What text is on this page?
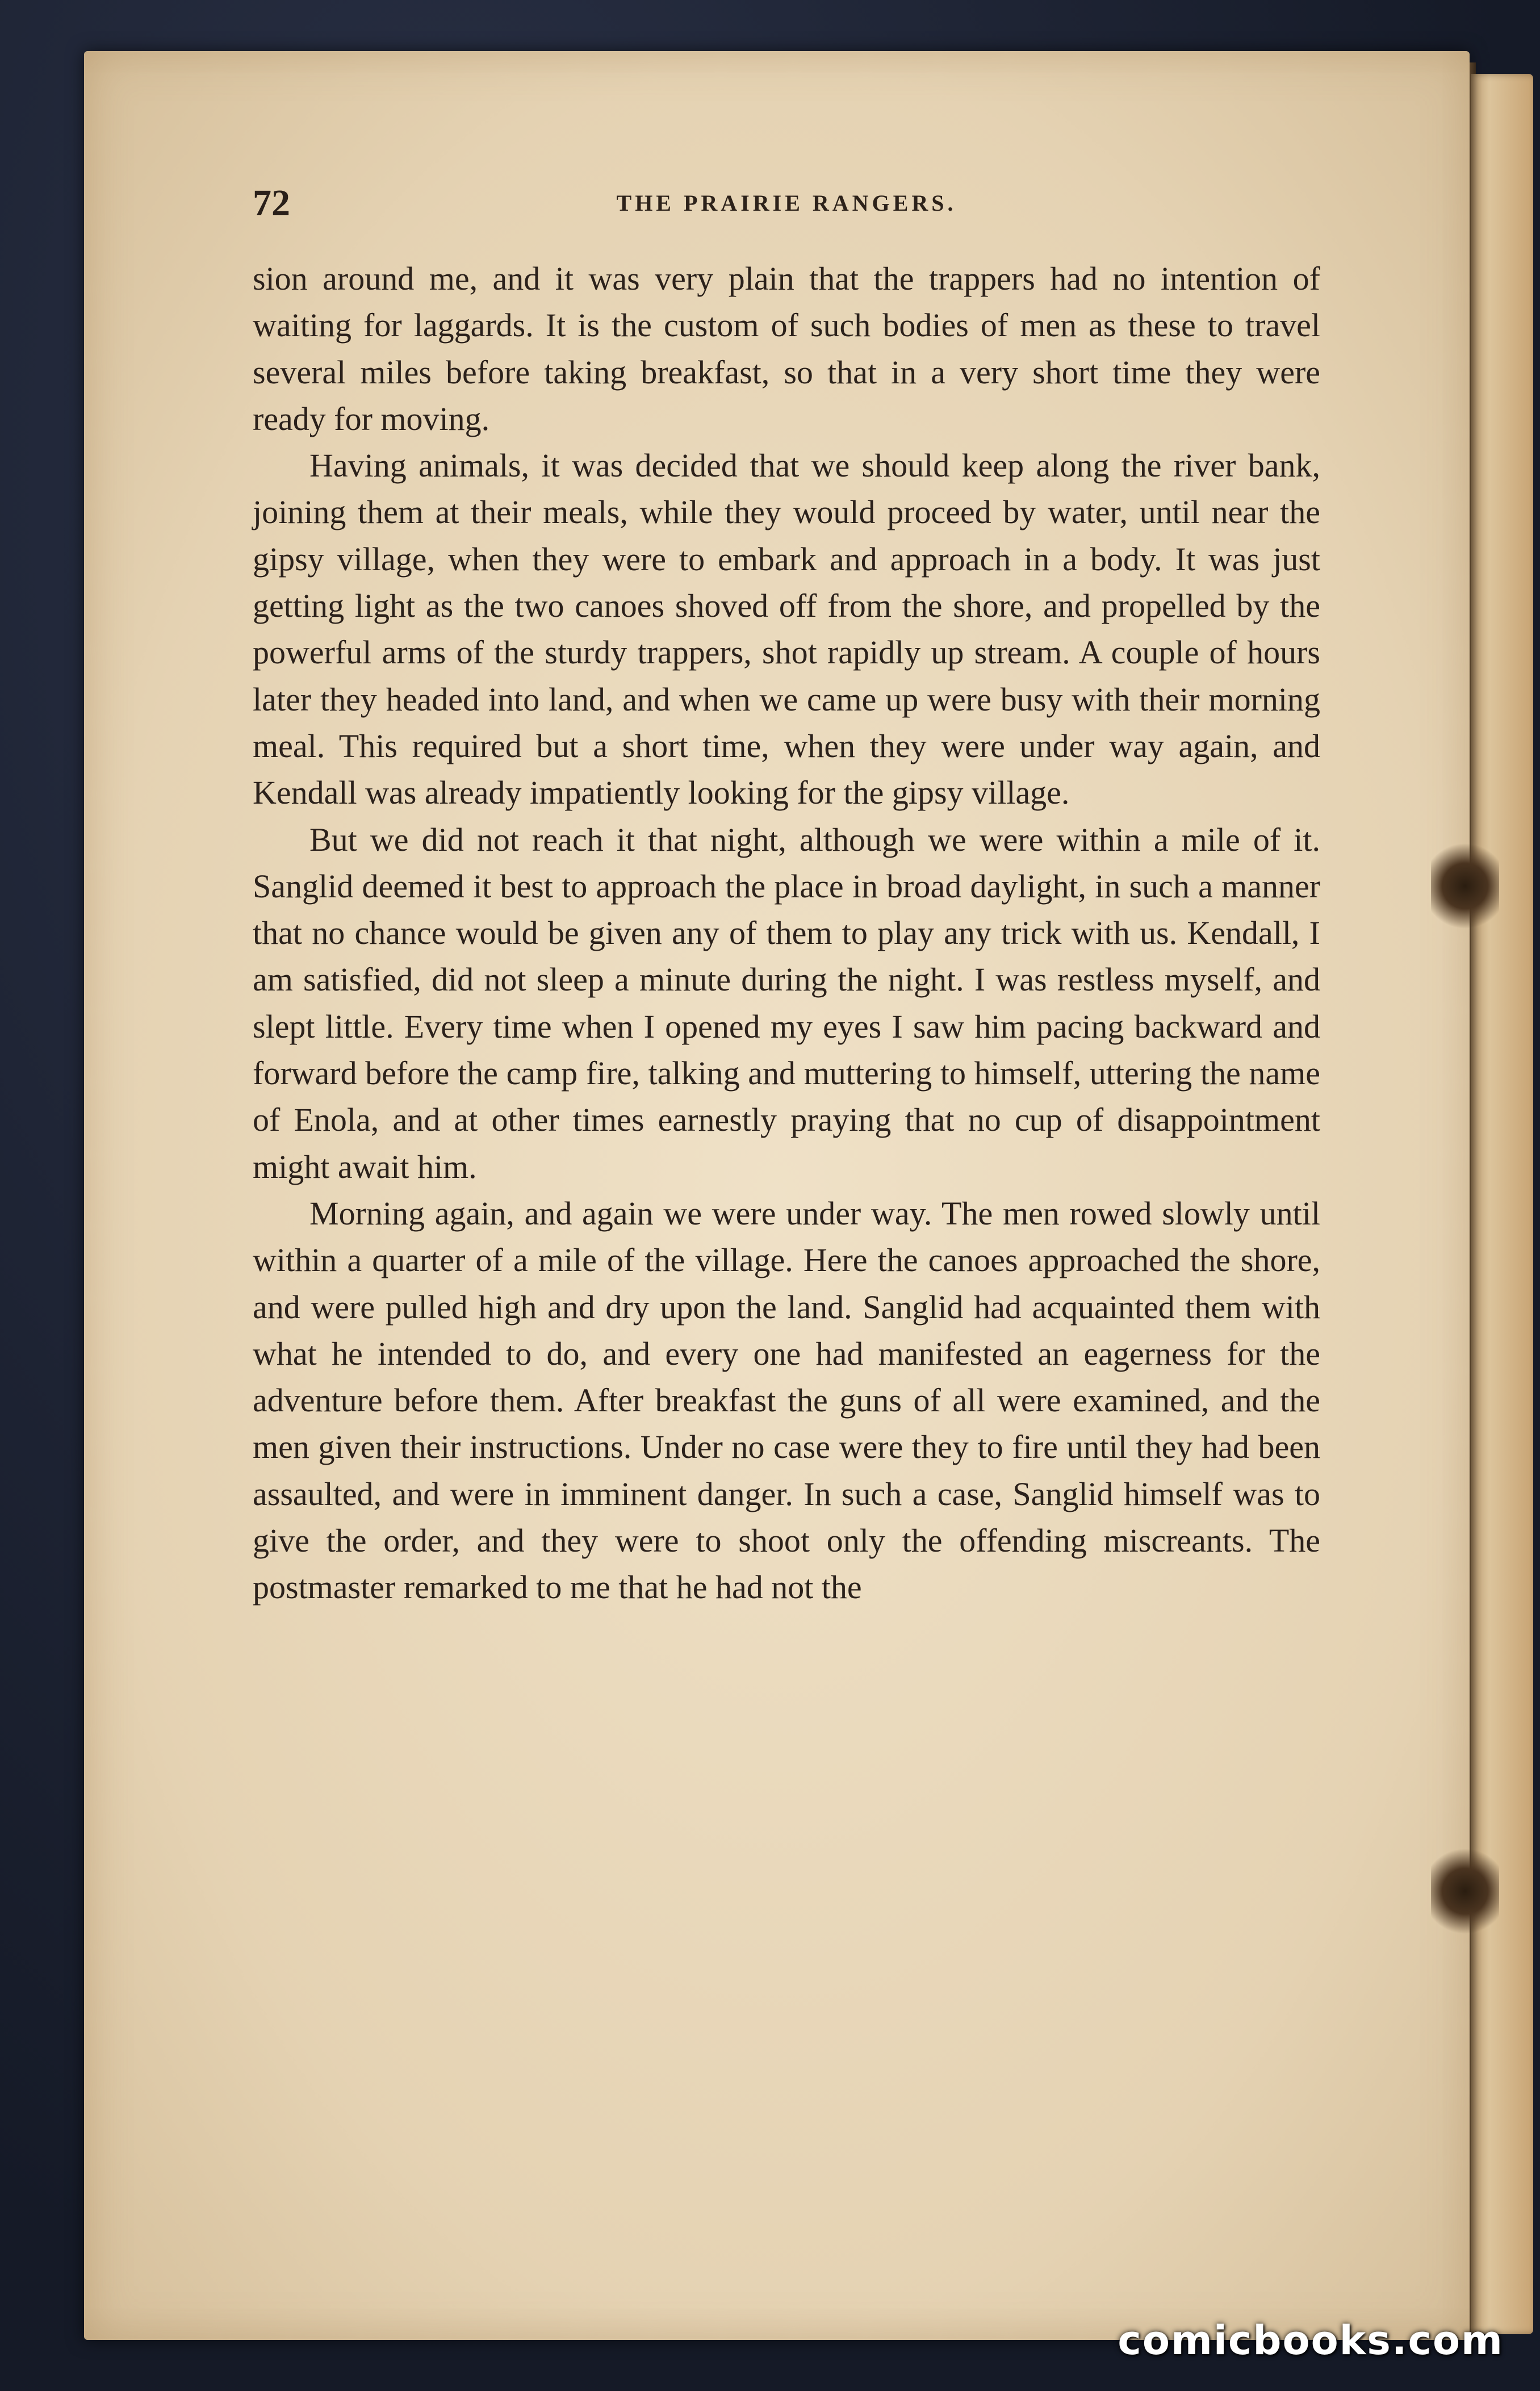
72	THE PRAIRIE RANGERS.

sion around me, and it was very plain that the trappers had no intention of waiting for laggards. It is the custom of such bodies of men as these to travel several miles before taking breakfast, so that in a very short time they were ready for moving.

Having animals, it was decided that we should keep along the river bank, joining them at their meals, while they would proceed by water, until near the gipsy village, when they were to embark and approach in a body. It was just getting light as the two canoes shoved off from the shore, and propelled by the powerful arms of the sturdy trappers, shot rapidly up stream. A couple of hours later they headed into land, and when we came up were busy with their morning meal. This required but a short time, when they were under way again, and Kendall was already impatiently looking for the gipsy village.

But we did not reach it that night, although we were within a mile of it. Sanglid deemed it best to approach the place in broad daylight, in such a manner that no chance would be given any of them to play any trick with us. Kendall, I am satisfied, did not sleep a minute during the night. I was restless myself, and slept little. Every time when I opened my eyes I saw him pacing backward and forward before the camp fire, talking and muttering to himself, uttering the name of Enola, and at other times earnestly praying that no cup of disappointment might await him.

Morning again, and again we were under way. The men rowed slowly until within a quarter of a mile of the village. Here the canoes approached the shore, and were pulled high and dry upon the land. Sanglid had acquainted them with what he intended to do, and every one had manifested an eagerness for the adventure before them. After breakfast the guns of all were examined, and the men given their instructions. Under no case were they to fire until they had been assaulted, and were in imminent danger. In such a case, Sanglid himself was to give the order, and they were to shoot only the offending miscreants. The postmaster remarked to me that he had not the

comicbooks.com
